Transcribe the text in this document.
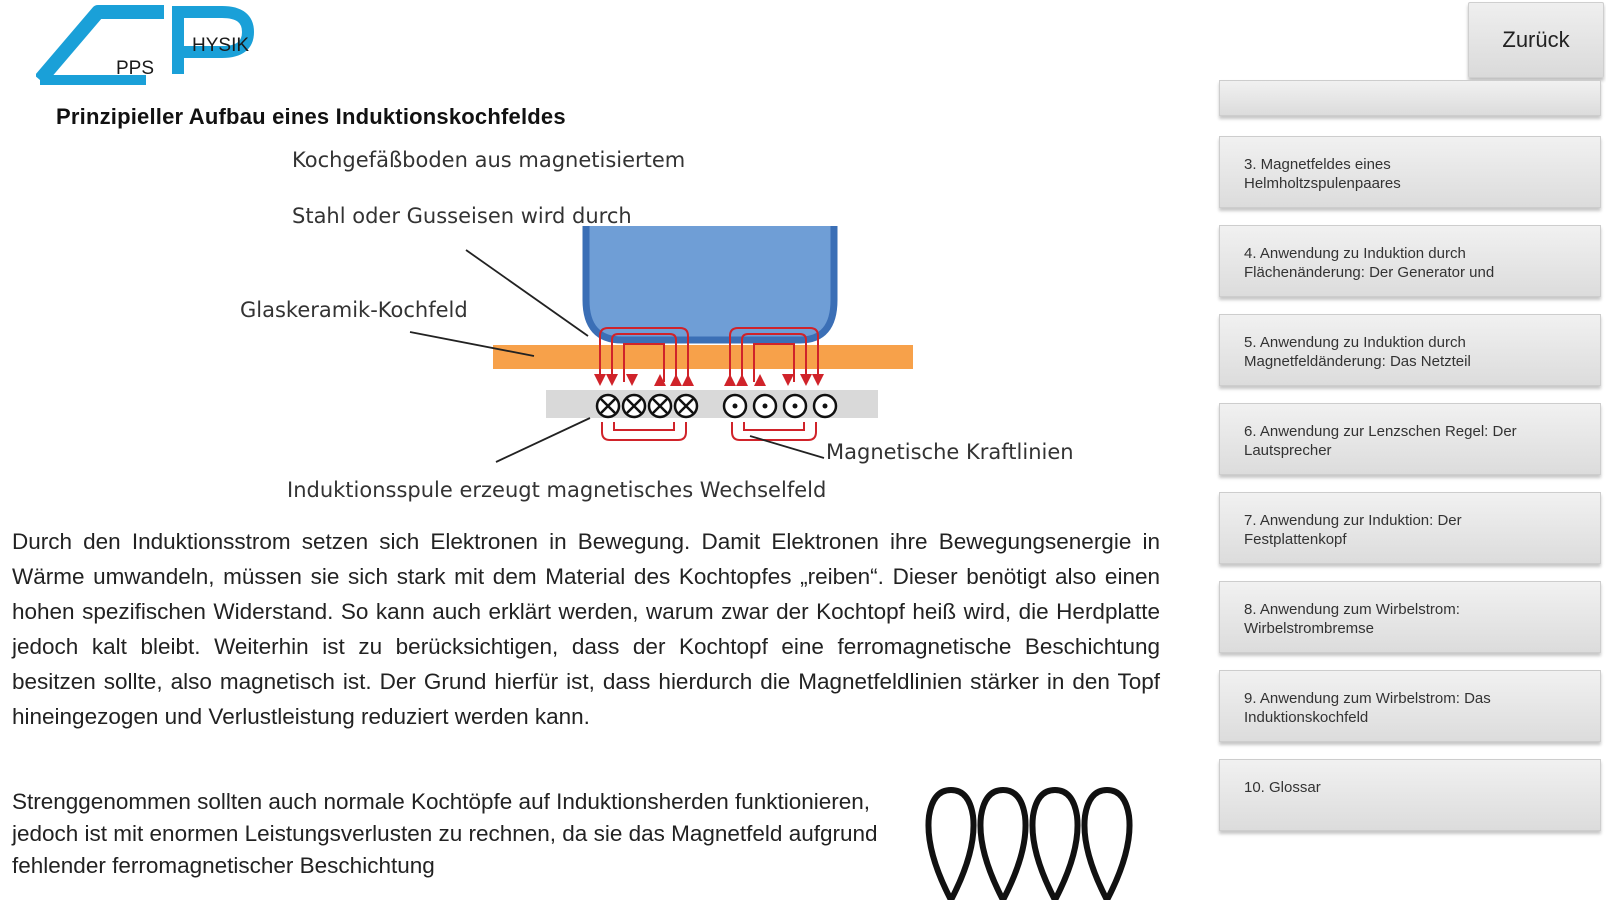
PPS
HYSIK	Zurück
Prinzipieller Aufbau eines Induktionskochfeldes
Kochgefäßboden aus magnetisiertem
Stahl oder Gusseisen wird durch
Glaskeramik-Kochfeld
Magnetische Kraftlinien
Induktionsspule erzeugt magnetisches Wechselfeld
Durch den Induktionsstrom setzen sich Elektronen in Bewegung. Damit Elektronen ihre Bewegungsenergie in Wärme umwandeln, müssen sie sich stark mit dem Material des Kochtopfes „reiben“. Dieser benötigt also einen hohen spezifischen Widerstand. So kann auch erklärt werden, warum zwar der Kochtopf heiß wird, die Herdplatte jedoch kalt bleibt. Weiterhin ist zu berücksichtigen, dass der Kochtopf eine ferromagnetische Beschichtung besitzen sollte, also magnetisch ist. Der Grund hierfür ist, dass hierdurch die Magnetfeldlinien stärker in den Topf hineingezogen und Verlustleistung reduziert werden kann.
Strenggenommen sollten auch normale Kochtöpfe auf Induktionsherden funktionieren, jedoch ist mit enormen Leistungsverlusten zu rechnen, da sie das Magnetfeld aufgrund fehlender ferromagnetischer Beschichtung
3. Magnetfeldes eines
Helmholtzspulenpaares
4. Anwendung zu Induktion durch
Flächenänderung: Der Generator und
5. Anwendung zu Induktion durch
Magnetfeldänderung: Das Netzteil
6. Anwendung zur Lenzschen Regel: Der
Lautsprecher
7. Anwendung zur Induktion: Der
Festplattenkopf
8. Anwendung zum Wirbelstrom:
Wirbelstrombremse
9. Anwendung zum Wirbelstrom: Das
Induktionskochfeld
10. Glossar
